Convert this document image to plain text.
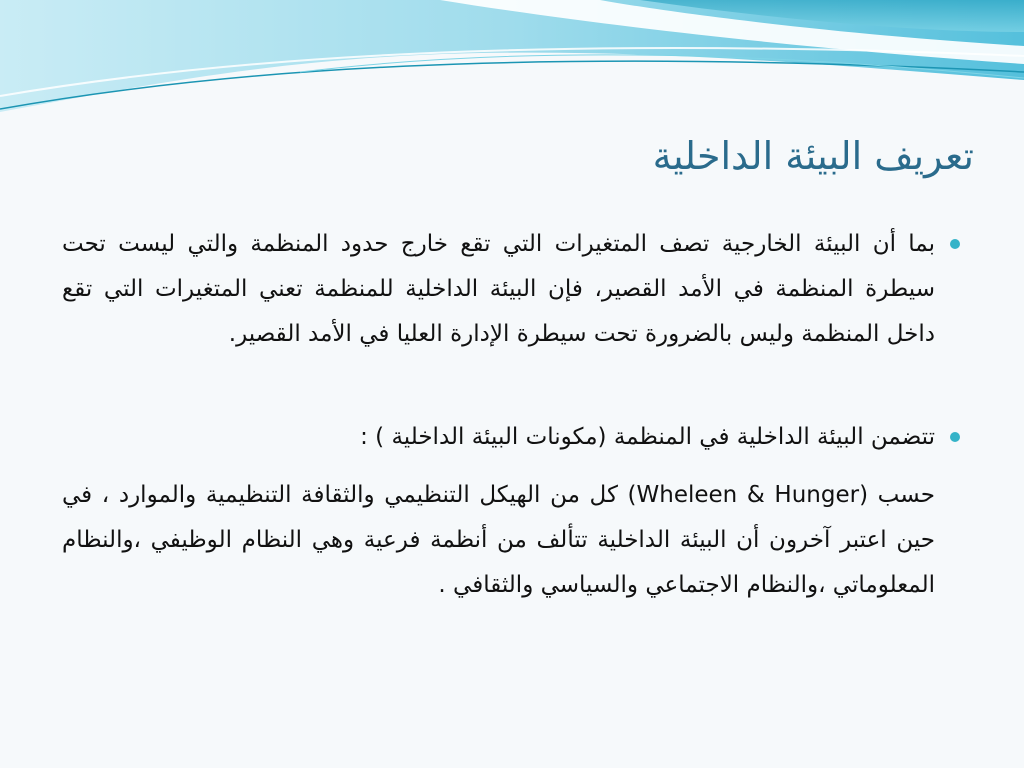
تعريف البيئة الداخلية

بما أن البيئة الخارجية تصف المتغيرات التي تقع خارج حدود المنظمة والتي ليست تحت سيطرة المنظمة في الأمد القصير، فإن البيئة الداخلية للمنظمة تعني المتغيرات التي تقع داخل المنظمة وليس بالضرورة تحت سيطرة الإدارة العليا في الأمد القصير.

تتضمن البيئة الداخلية في المنظمة (مكونات البيئة الداخلية ) :

حسب (Wheleen & Hunger) كل من الهيكل التنظيمي والثقافة التنظيمية والموارد ، في حين اعتبر آخرون أن البيئة الداخلية تتألف من أنظمة فرعية وهي النظام الوظيفي ،والنظام المعلوماتي ،والنظام الاجتماعي والسياسي والثقافي .
